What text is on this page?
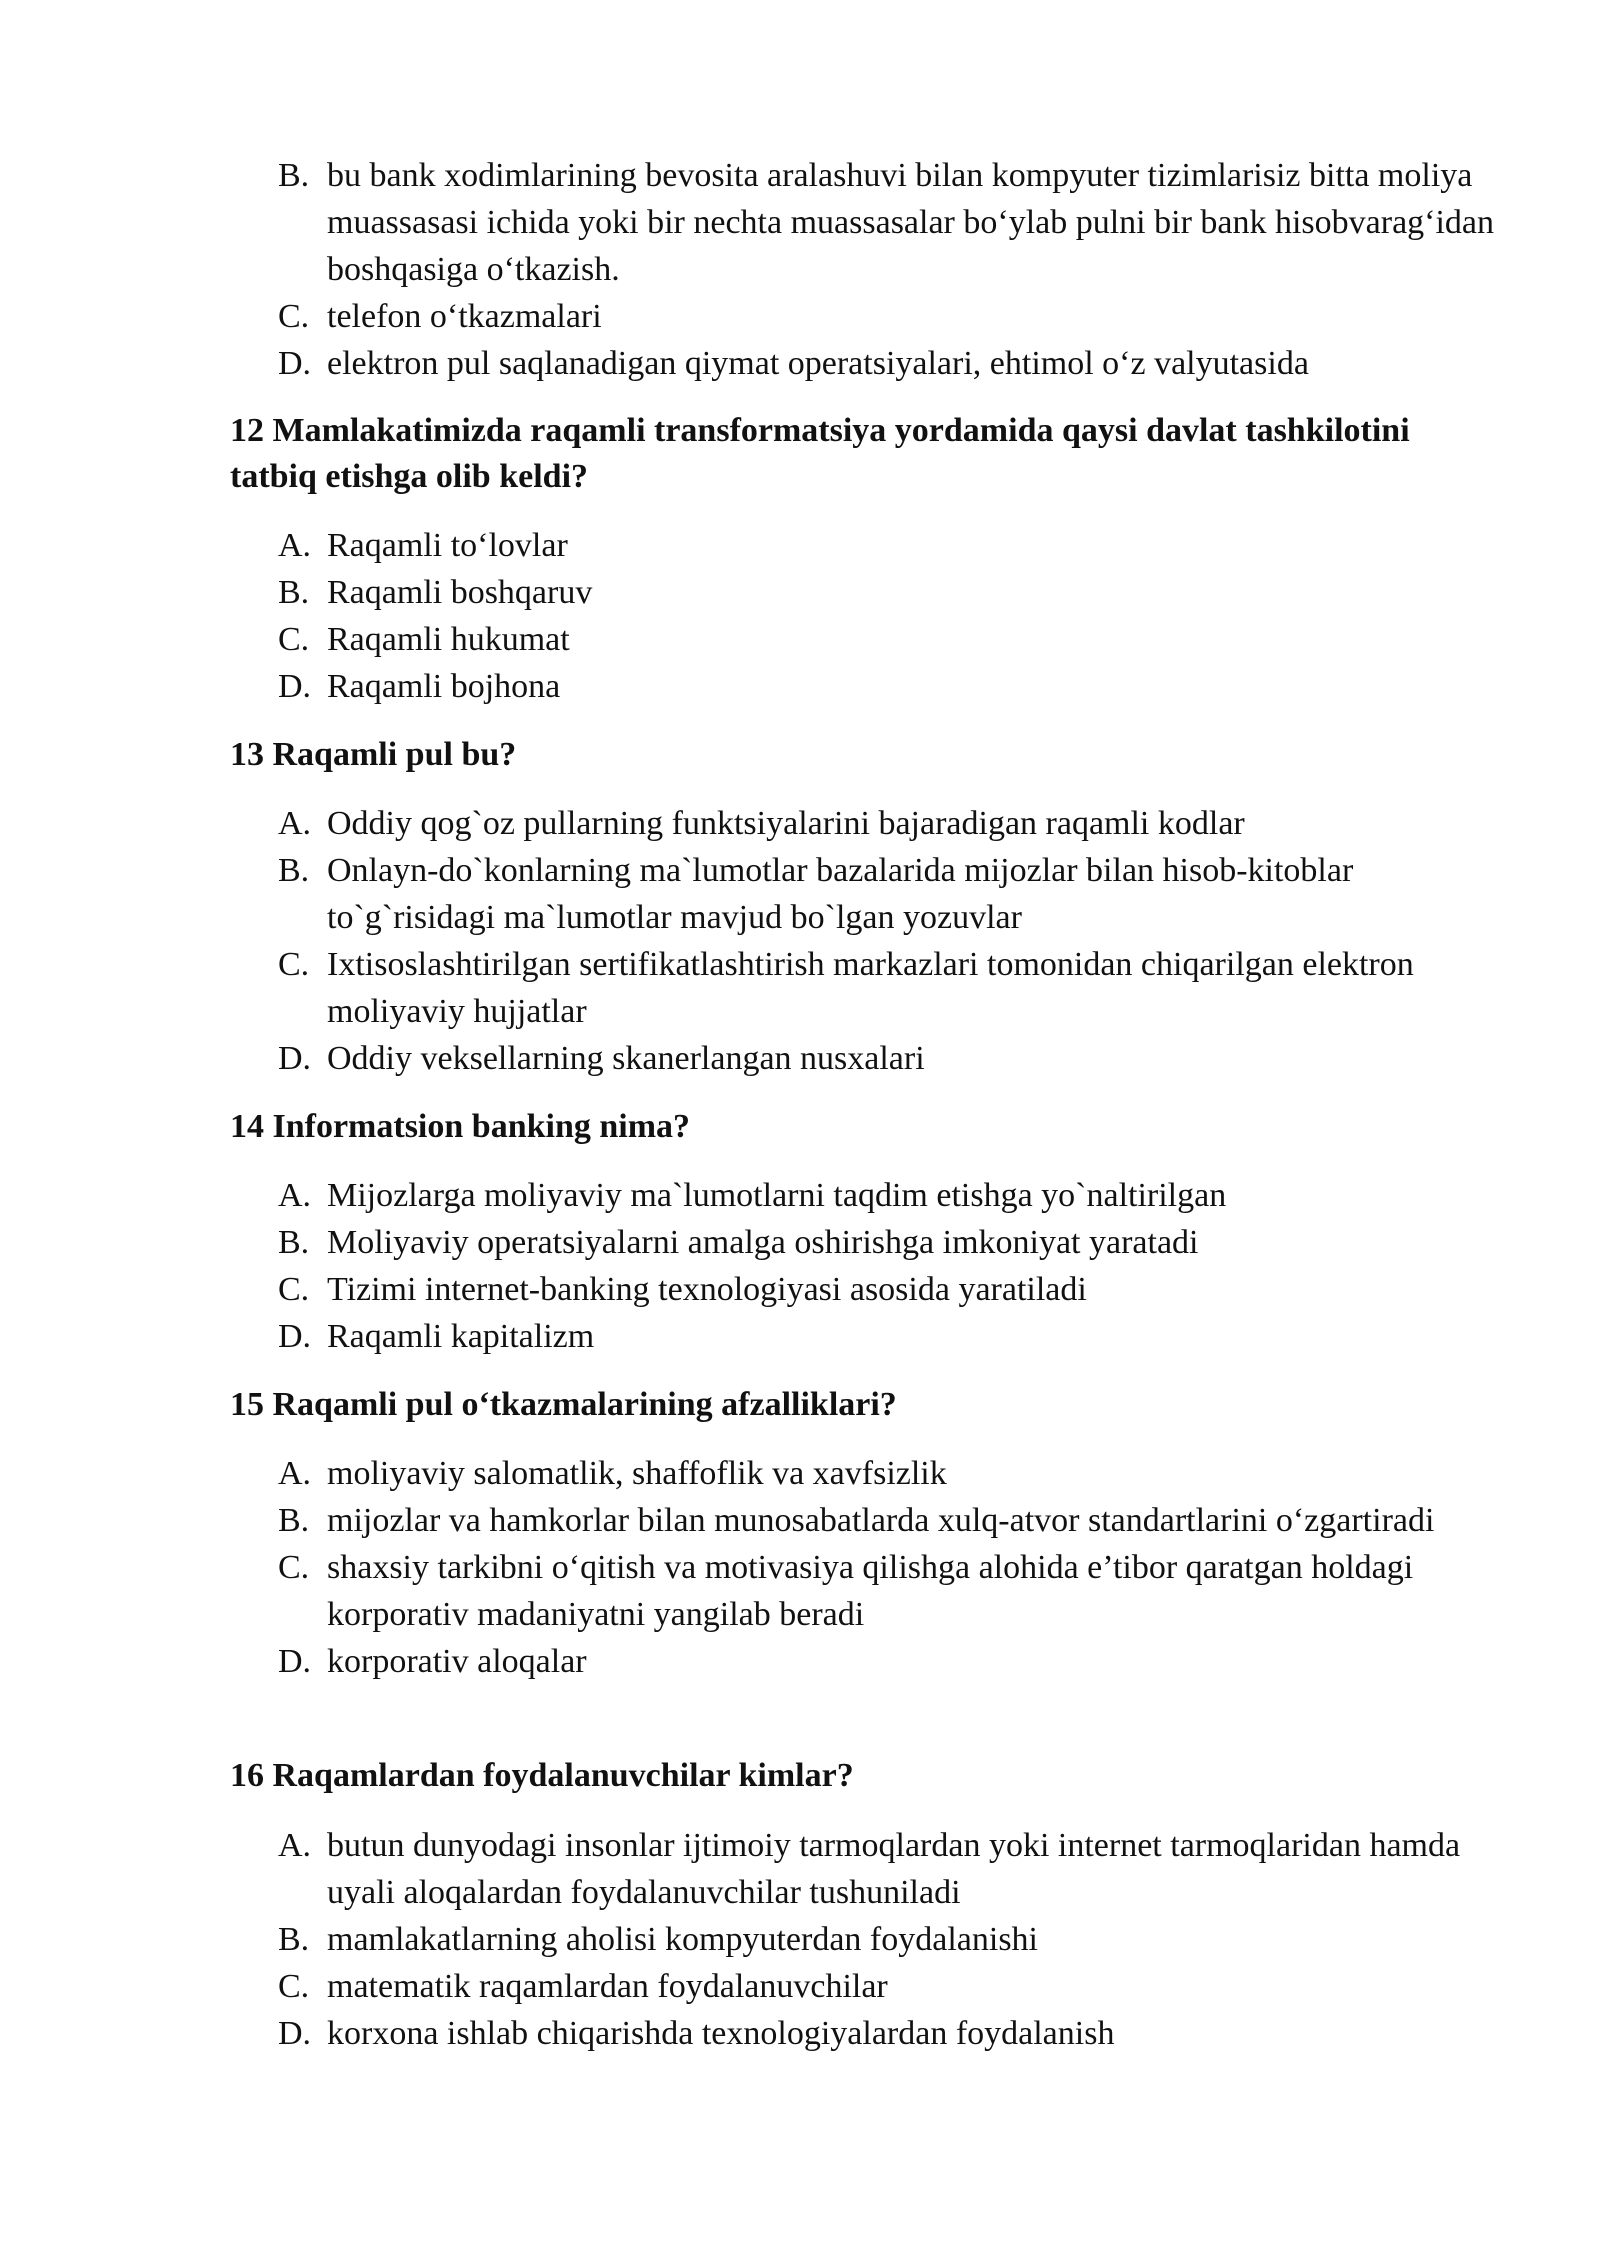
B. bu bank xodimlarining bevosita aralashuvi bilan kompyuter tizimlarisiz bitta moliya muassasasi ichida yoki bir nechta muassasalar bo‘ylab pulni bir bank hisobvarag‘idan boshqasiga o‘tkazish.
C. telefon o‘tkazmalari
D. elektron pul saqlanadigan qiymat operatsiyalari, ehtimol o‘z valyutasida

12 Mamlakatimizda raqamli transformatsiya yordamida qaysi davlat tashkilotini tatbiq etishga olib keldi?

A. Raqamli to‘lovlar
B. Raqamli boshqaruv
C. Raqamli hukumat
D. Raqamli bojhona

13 Raqamli pul bu?

A. Oddiy qog`oz pullarning funktsiyalarini bajaradigan raqamli kodlar
B. Onlayn-do`konlarning ma`lumotlar bazalarida mijozlar bilan hisob-kitoblar to`g`risidagi ma`lumotlar mavjud bo`lgan yozuvlar
C. Ixtisoslashtirilgan sertifikatlashtirish markazlari tomonidan chiqarilgan elektron moliyaviy hujjatlar
D. Oddiy veksellarning skanerlangan nusxalari

14 Informatsion banking nima?

A. Mijozlarga moliyaviy ma`lumotlarni taqdim etishga yo`naltirilgan
B. Moliyaviy operatsiyalarni amalga oshirishga imkoniyat yaratadi
C. Tizimi internet-banking texnologiyasi asosida yaratiladi
D. Raqamli kapitalizm

15 Raqamli pul o‘tkazmalarining afzalliklari?

A. moliyaviy salomatlik, shaffoflik va xavfsizlik
B. mijozlar va hamkorlar bilan munosabatlarda xulq-atvor standartlarini o‘zgartiradi
C. shaxsiy tarkibni o‘qitish va motivasiya qilishga alohida e’tibor qaratgan holdagi korporativ madaniyatni yangilab beradi
D. korporativ aloqalar

16 Raqamlardan foydalanuvchilar kimlar?

A. butun dunyodagi insonlar ijtimoiy tarmoqlardan yoki internet tarmoqlaridan hamda uyali aloqalardan foydalanuvchilar tushuniladi
B. mamlakatlarning aholisi kompyuterdan foydalanishi
C. matematik raqamlardan foydalanuvchilar
D. korxona ishlab chiqarishda texnologiyalardan foydalanish
